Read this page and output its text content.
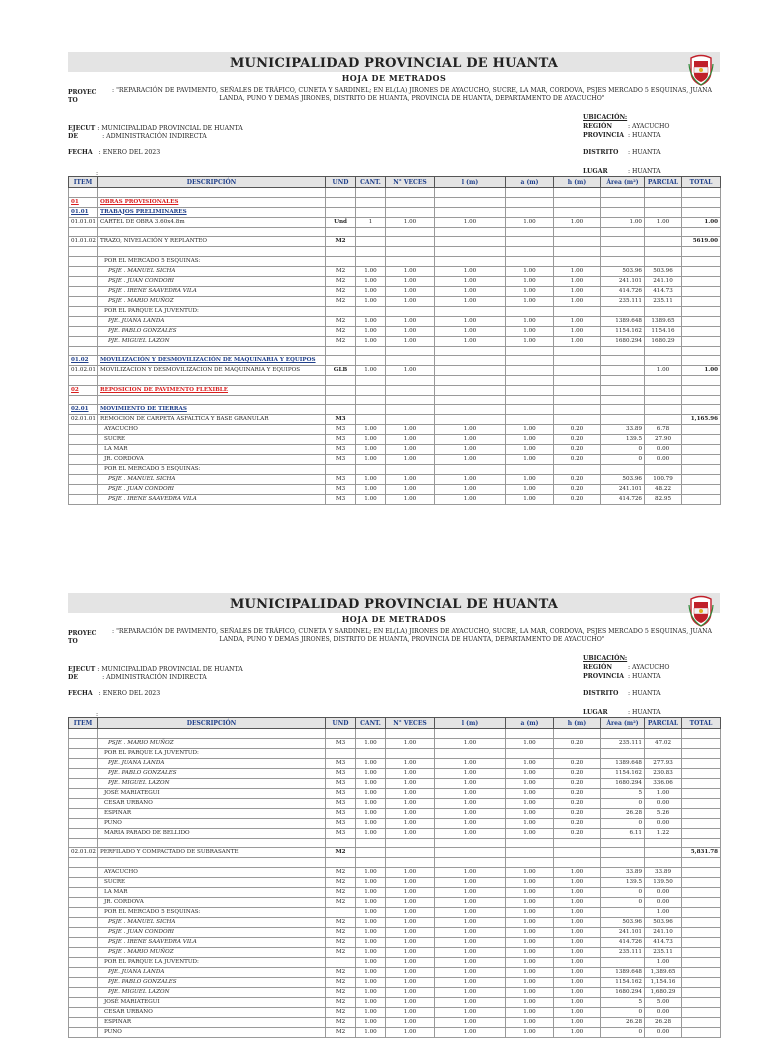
MUNICIPALIDAD PROVINCIAL DE HUANTA
HOJA DE METRADOS
PROYEC TO
: "REPARACIÓN DE PAVIMENTO, SEÑALES DE TRÁFICO, CUNETA Y SARDINEL; EN EL(LA) JIRONES DE AYACUCHO, SUCRE, LA MAR, CORDOVA, PSJES MERCADO 5 ESQUINAS, JUANA LANDA, PUNO Y DEMAS JIRONES, DISTRITO DE HUANTA, PROVINCIA DE HUANTA, DEPARTAMENTO DE AYACUCHO"
EJECUT : MUNICIPALIDAD PROVINCIAL DE HUANTA
DE	: ADMINISTRACIÓN INDIRECTA
FECHA : ENERO DEL 2023
:
UBICACIÓN:
REGIÓN	: AYACUCHO
PROVINCIA : HUANTA
DISTRITO : HUANTA
LUGAR	: HUANTA
ITEM	DESCRIPCIÓN	UND	CANT.	N° VECES	l (m)	a (m)	h (m)	Área (m²)	PARCIAL	TOTAL

01	OBRAS PROVISIONALES									
01.01	TRABAJOS PRELIMINARES									
01.01.01	CARTEL DE OBRA 3.60x4.8m	Und	1	1.00	1.00	1.00	1.00	1.00	1.00	1.00

01.01.02	TRAZO, NIVELACIÓN Y REPLANTEO	M2								5619.00

	POR EL MERCADO 5 ESQUINAS:									
	PSJE . MANUEL SICHA	M2	1.00	1.00	1.00	1.00	1.00	503.96	503.96	
	PSJE . JUAN CONDORI	M2	1.00	1.00	1.00	1.00	1.00	241.101	241.10	
	PSJE . IRENE SAAVEDRA VILA	M2	1.00	1.00	1.00	1.00	1.00	414.726	414.73	
	PSJE . MARIO MUÑOZ	M2	1.00	1.00	1.00	1.00	1.00	235.111	235.11	
	POR EL PARQUE LA JUVENTUD:									
	PJE. JUANA LANDA	M2	1.00	1.00	1.00	1.00	1.00	1389.648	1389.65	
	PJE. PABLO GONZALES	M2	1.00	1.00	1.00	1.00	1.00	1154.162	1154.16	
	PJE. MIGUEL LAZON	M2	1.00	1.00	1.00	1.00	1.00	1680.294	1680.29	

01.02	MOVILIZACIÓN Y DESMOVILIZACIÓN DE MAQUINARIA Y EQUIPOS									
01.02.01	MOVILIZACION Y DESMOVILIZACION DE MAQUINARIA Y EQUIPOS	GLB	1.00	1.00					1.00	1.00

02	REPOSICION DE PAVIMENTO FLEXIBLE									

02.01	MOVIMIENTO DE TIERRAS									
02.01.01	REMOCION DE CARPETA ASFALTICA Y BASE GRANULAR	M3								1,165.96
	AYACUCHO	M3	1.00	1.00	1.00	1.00	0.20	33.89	6.78	
	SUCRE	M3	1.00	1.00	1.00	1.00	0.20	139.5	27.90	
	LA MAR	M3	1.00	1.00	1.00	1.00	0.20	0	0.00	
	JR. CORDOVA	M3	1.00	1.00	1.00	1.00	0.20	0	0.00	
	POR EL MERCADO 5 ESQUINAS:									
	PSJE . MANUEL SICHA	M3	1.00	1.00	1.00	1.00	0.20	503.96	100.79	
	PSJE . JUAN CONDORI	M3	1.00	1.00	1.00	1.00	0.20	241.101	48.22	
	PSJE . IRENE SAAVEDRA VILA	M3	1.00	1.00	1.00	1.00	0.20	414.726	82.95	
MUNICIPALIDAD PROVINCIAL DE HUANTA
HOJA DE METRADOS
PROYEC TO
: "REPARACIÓN DE PAVIMENTO, SEÑALES DE TRÁFICO, CUNETA Y SARDINEL; EN EL(LA) JIRONES DE AYACUCHO, SUCRE, LA MAR, CORDOVA, PSJES MERCADO 5 ESQUINAS, JUANA LANDA, PUNO Y DEMAS JIRONES, DISTRITO DE HUANTA, PROVINCIA DE HUANTA, DEPARTAMENTO DE AYACUCHO"
EJECUT : MUNICIPALIDAD PROVINCIAL DE HUANTA
DE	: ADMINISTRACIÓN INDIRECTA
FECHA : ENERO DEL 2023
:
UBICACIÓN:
REGIÓN	: AYACUCHO
PROVINCIA : HUANTA
DISTRITO : HUANTA
LUGAR	: HUANTA
ITEM	DESCRIPCIÓN	UND	CANT.	N° VECES	l (m)	a (m)	h (m)	Área (m²)	PARCIAL	TOTAL

	PSJE . MARIO MUÑOZ	M3	1.00	1.00	1.00	1.00	0.20	235.111	47.02	
	POR EL PARQUE LA JUVENTUD:									
	PJE. JUANA LANDA	M3	1.00	1.00	1.00	1.00	0.20	1389.648	277.93	
	PJE. PABLO GONZALES	M3	1.00	1.00	1.00	1.00	0.20	1154.162	230.83	
	PJE. MIGUEL LAZON	M3	1.00	1.00	1.00	1.00	0.20	1680.294	336.06	
	JOSÉ MARIATEGUI	M3	1.00	1.00	1.00	1.00	0.20	5	1.00	
	CESAR URBANO	M3	1.00	1.00	1.00	1.00	0.20	0	0.00	
	ESPINAR	M3	1.00	1.00	1.00	1.00	0.20	26.28	5.26	
	PUNO	M3	1.00	1.00	1.00	1.00	0.20	0	0.00	
	MARIA PARADO DE BELLIDO	M3	1.00	1.00	1.00	1.00	0.20	6.11	1.22	

02.01.02	PERFILADO Y COMPACTADO DE SUBRASANTE	M2								5,831.78

	AYACUCHO	M2	1.00	1.00	1.00	1.00	1.00	33.89	33.89	
	SUCRE	M2	1.00	1.00	1.00	1.00	1.00	139.5	139.50	
	LA MAR	M2	1.00	1.00	1.00	1.00	1.00	0	0.00	
	JR. CORDOVA	M2	1.00	1.00	1.00	1.00	1.00	0	0.00	
	POR EL MERCADO 5 ESQUINAS:		1.00	1.00	1.00	1.00	1.00		1.00	
	PSJE . MANUEL SICHA	M2	1.00	1.00	1.00	1.00	1.00	503.96	503.96	
	PSJE . JUAN CONDORI	M2	1.00	1.00	1.00	1.00	1.00	241.101	241.10	
	PSJE . IRENE SAAVEDRA VILA	M2	1.00	1.00	1.00	1.00	1.00	414.726	414.73	
	PSJE . MARIO MUÑOZ	M2	1.00	1.00	1.00	1.00	1.00	235.111	235.11	
	POR EL PARQUE LA JUVENTUD:		1.00	1.00	1.00	1.00	1.00		1.00	
	PJE. JUANA LANDA	M2	1.00	1.00	1.00	1.00	1.00	1389.648	1,389.65	
	PJE. PABLO GONZALES	M2	1.00	1.00	1.00	1.00	1.00	1154.162	1,154.16	
	PJE. MIGUEL LAZON	M2	1.00	1.00	1.00	1.00	1.00	1680.294	1,680.29	
	JOSÉ MARIATEGUI	M2	1.00	1.00	1.00	1.00	1.00	5	5.00	
	CESAR URBANO	M2	1.00	1.00	1.00	1.00	1.00	0	0.00	
	ESPINAR	M2	1.00	1.00	1.00	1.00	1.00	26.28	26.28	
	PUNO	M2	1.00	1.00	1.00	1.00	1.00	0	0.00	
